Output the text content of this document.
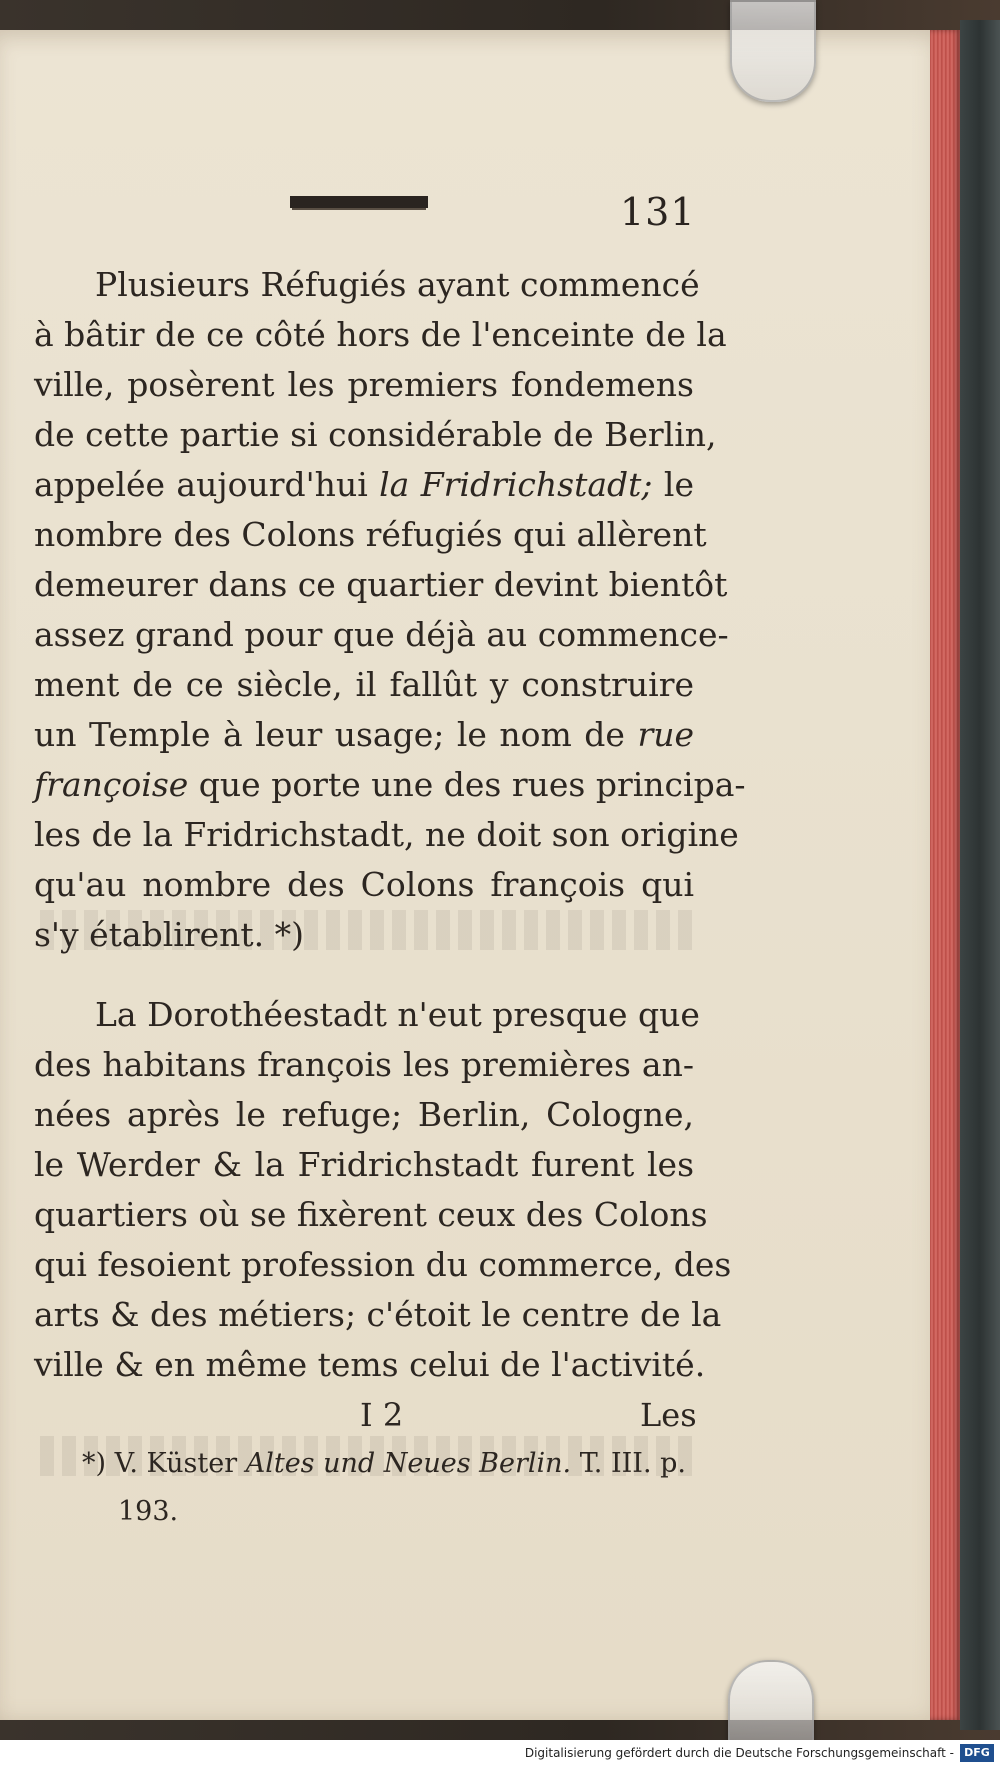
131
Plusieurs Réfugiés ayant commencé
à bâtir de ce côté hors de l'enceinte de la
ville, posèrent les premiers fondemens
de cette partie si considérable de Berlin,
appelée aujourd'hui la Fridrichstadt; le
nombre des Colons réfugiés qui allèrent
demeurer dans ce quartier devint bientôt
assez grand pour que déjà au commence-
ment de ce siècle, il fallût y construire
un Temple à leur usage; le nom de rue
françoise que porte une des rues principa-
les de la Fridrichstadt, ne doit son origine
qu'au nombre des Colons françois qui
s'y établirent. *)
La Dorothéestadt n'eut presque que
des habitans françois les premières an-
nées après le refuge; Berlin, Cologne,
le Werder & la Fridrichstadt furent les
quartiers où se fixèrent ceux des Colons
qui fesoient profession du commerce, des
arts & des métiers; c'étoit le centre de la
ville & en même tems celui de l'activité.
I 2	Les
*) V. Küster Altes und Neues Berlin. T. III. p.
193.
Digitalisierung gefördert durch die Deutsche Forschungsgemeinschaft - DFG
